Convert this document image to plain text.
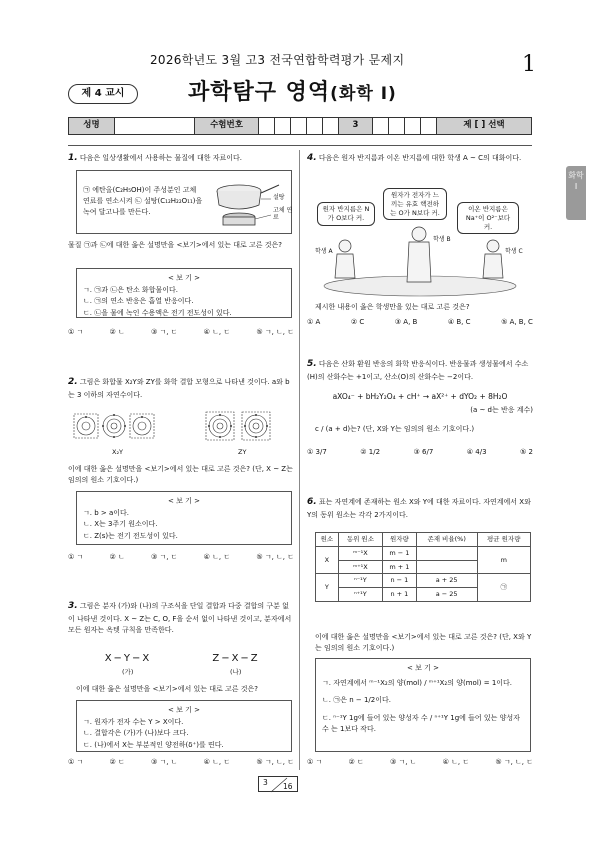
2026학년도 3월 고3 전국연합학력평가 문제지	1
제 4 교시	과학탐구 영역(화학 Ⅰ)
성명	수험번호	3	제 [ ] 선택
화학 Ⅰ
1. 다음은 일상생활에서 사용하는 물질에 대한 자료이다.
㉠ 에탄올(C₂H₅OH)이 주성분인 고체 연료를 연소시켜 ㉡ 설탕(C₁₂H₂₂O₁₁)을 녹여 달고나를 만든다.
설탕
고체 연료
물질 ㉠과 ㉡에 대한 옳은 설명만을 <보기>에서 있는 대로 고른 것은?
< 보 기 >
ㄱ. ㉠과 ㉡은 탄소 화합물이다.
ㄴ. ㉠의 연소 반응은 흡열 반응이다.
ㄷ. ㉡을 물에 녹인 수용액은 전기 전도성이 있다.
① ㄱ	② ㄴ	③ ㄱ, ㄷ	④ ㄴ, ㄷ	⑤ ㄱ, ㄴ, ㄷ
2. 그림은 화합물 X₂Y와 ZY를 화학 결합 모형으로 나타낸 것이다. a와 b는 3 이하의 자연수이다.
X₂Y	ZY
이에 대한 옳은 설명만을 <보기>에서 있는 대로 고른 것은? (단, X ~ Z는 임의의 원소 기호이다.)
< 보 기 >
ㄱ. b > a이다.
ㄴ. X는 3주기 원소이다.
ㄷ. Z(s)는 전기 전도성이 있다.
① ㄱ	② ㄴ	③ ㄱ, ㄷ	④ ㄴ, ㄷ	⑤ ㄱ, ㄴ, ㄷ
3. 그림은 분자 (가)와 (나)의 구조식을 단일 결합과 다중 결합의 구분 없이 나타낸 것이다. X ~ Z는 C, O, F을 순서 없이 나타낸 것이고, 분자에서 모든 원자는 옥텟 규칙을 만족한다.
X−Y−X	Z−X−Z
(가)	(나)
이에 대한 옳은 설명만을 <보기>에서 있는 대로 고른 것은?
< 보 기 >
ㄱ. 원자가 전자 수는 Y > X이다.
ㄴ. 결합각은 (가)가 (나)보다 크다.
ㄷ. (나)에서 X는 부분적인 양전하(δ⁺)를 띤다.
① ㄱ	② ㄷ	③ ㄱ, ㄴ	④ ㄴ, ㄷ	⑤ ㄱ, ㄴ, ㄷ
4. 다음은 원자 반지름과 이온 반지름에 대한 학생 A ~ C의 대화이다.
원자 반지름은 N가 O보다 커.
원자가 전자가 느끼는 유효 핵전하는 O가 N보다 커.	이온 반지름은 Na⁺이 O²⁻보다 커.
학생 A
학생 B
학생 C
제시한 내용이 옳은 학생만을 있는 대로 고른 것은?
① A	② C	③ A, B	④ B, C	⑤ A, B, C
5. 다음은 산화 환원 반응의 화학 반응식이다. 반응물과 생성물에서 수소(H)의 산화수는 +1이고, 산소(O)의 산화수는 −2이다.
aXO₄⁻ + bH₂Y₂O₄ + cH⁺ → aX²⁺ + dYO₂ + 8H₂O
(a ~ d는 반응 계수)
c / (a + d)는? (단, X와 Y는 임의의 원소 기호이다.)
① 3/7	② 1/2	③ 6/7	④ 4/3	⑤ 2
6. 표는 자연계에 존재하는 원소 X와 Y에 대한 자료이다. 자연계에서 X와 Y의 동위 원소는 각각 2가지이다.
원소	동위 원소	원자량	존재 비율(%)	평균 원자량
X	ᵐ⁻¹X	m − 1		m
	ᵐ⁺¹X	m + 1		
Y	ⁿ⁻¹Y	n − 1	a + 25	㉠
	ⁿ⁺¹Y	n + 1	a − 25	
이에 대한 옳은 설명만을 <보기>에서 있는 대로 고른 것은? (단, X와 Y는 임의의 원소 기호이다.)
< 보 기 >
ㄱ. 자연계에서 ᵐ⁻¹X₂의 양(mol) / ᵐ⁺¹X₂의 양(mol) = 1이다.
ㄴ. ㉠은 n − 1/2이다.
ㄷ. ⁿ⁻¹Y 1g에 들어 있는 양성자 수 / ⁿ⁺¹Y 1g에 들어 있는 양성자 수 는 1보다 작다.
① ㄱ	② ㄷ	③ ㄱ, ㄴ	④ ㄴ, ㄷ	⑤ ㄱ, ㄴ, ㄷ
3 16
